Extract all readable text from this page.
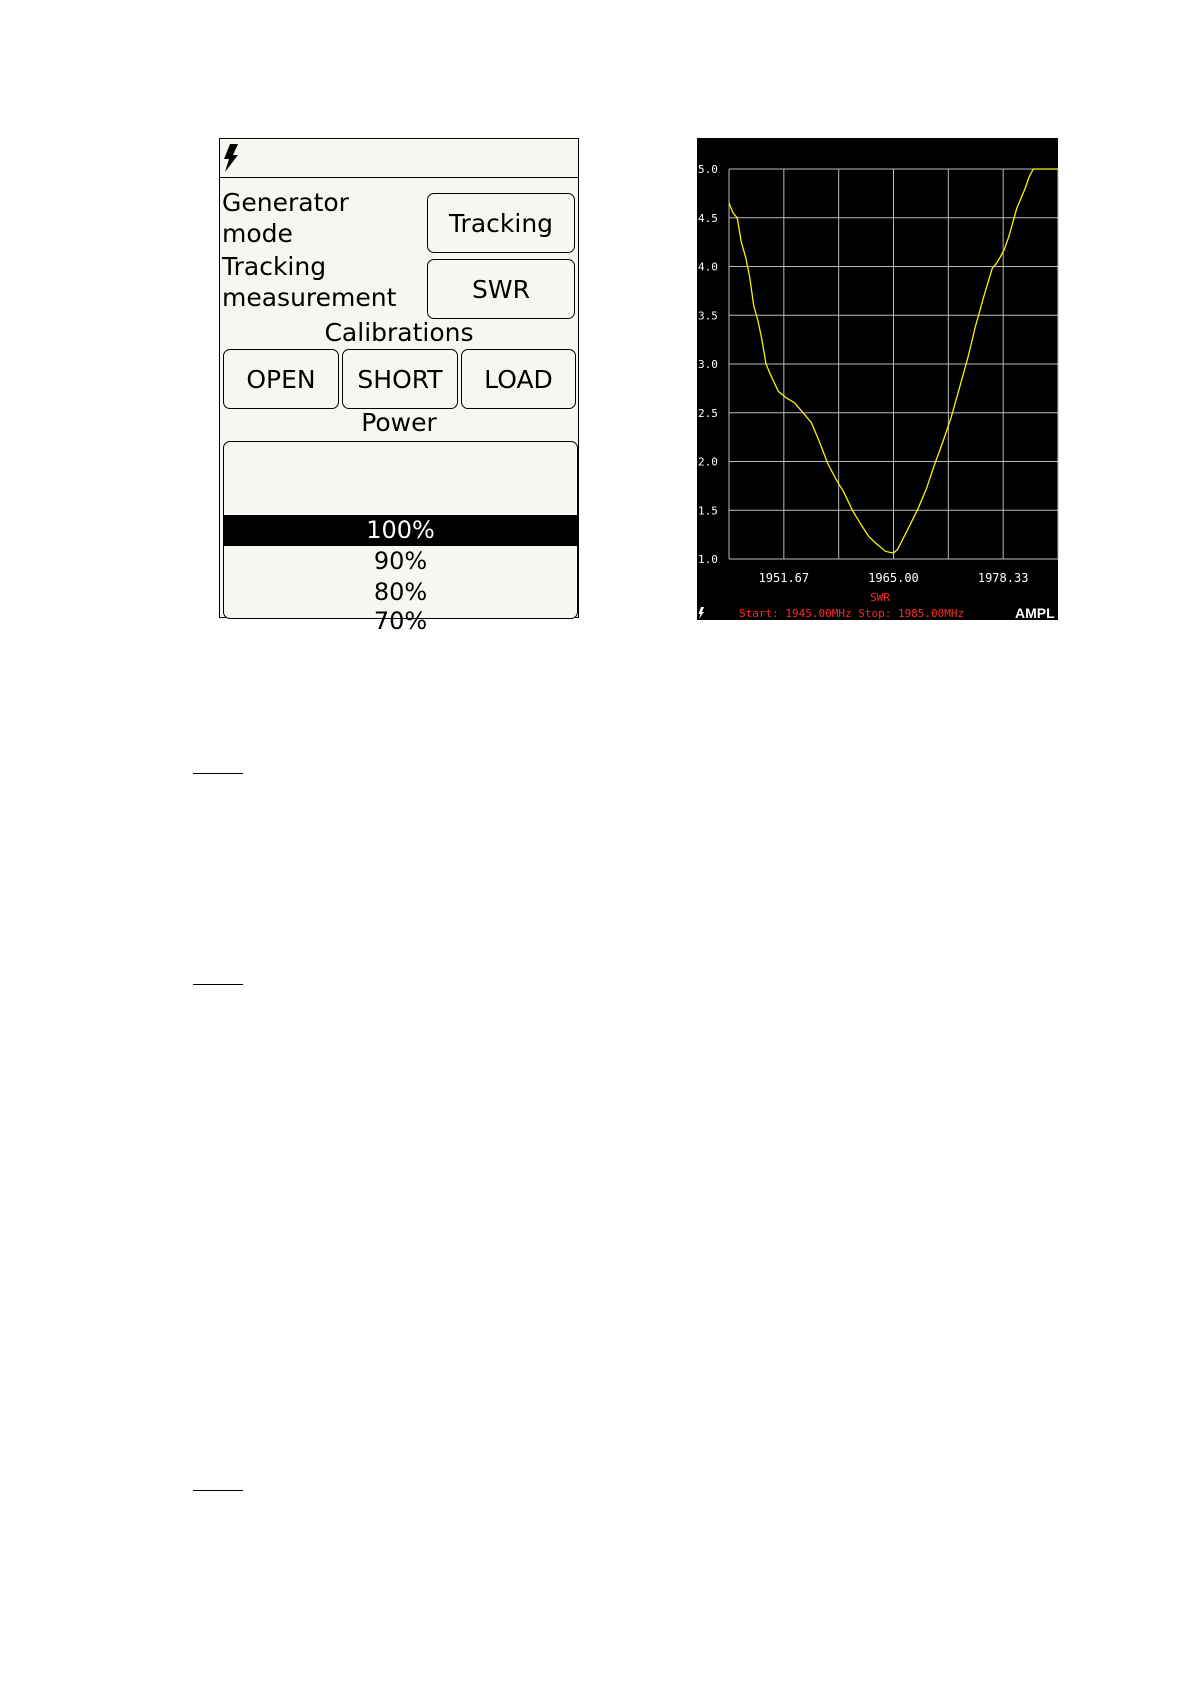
Generator
mode	Tracking
Tracking
measurement	SWR
Calibrations
OPEN SHORT LOAD
Power
100%
90%
80%
70%
1.0
1.5
2.0
2.5
3.0
3.5
4.0
4.5
5.0
1951.67	1965.00	1978.33
SWR
Start: 1945.00MHz Stop: 1985.00MHz	AMPL
